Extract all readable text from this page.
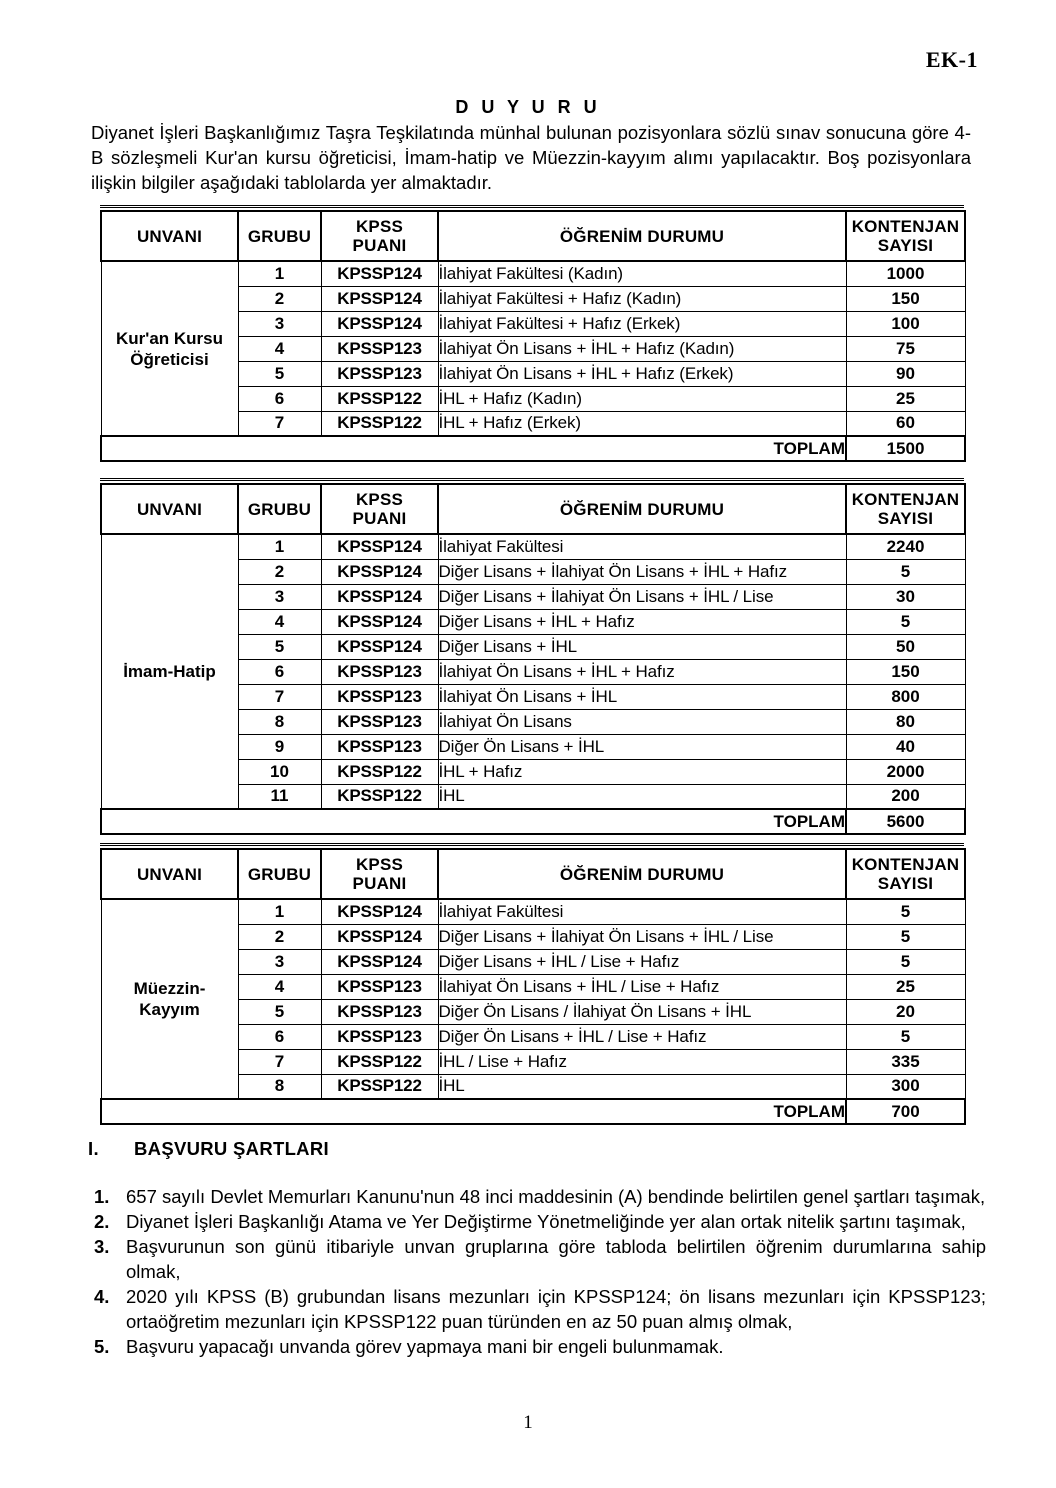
EK-1
D U Y U R U
Diyanet İşleri Başkanlığımız Taşra Teşkilatında münhal bulunan pozisyonlara sözlü sınav sonucuna göre 4-B sözleşmeli Kur'an kursu öğreticisi, İmam-hatip ve Müezzin-kayyım alımı yapılacaktır. Boş pozisyonlara ilişkin bilgiler aşağıdaki tablolarda yer almaktadır.
UNVANI	GRUBU	KPSS
PUANI	ÖĞRENİM DURUMU	KONTENJAN
SAYISI
Kur'an Kursu
Öğreticisi	1	KPSSP124	İlahiyat Fakültesi (Kadın)	1000
	2	KPSSP124	İlahiyat Fakültesi + Hafız (Kadın)	150
	3	KPSSP124	İlahiyat Fakültesi + Hafız (Erkek)	100
	4	KPSSP123	İlahiyat Ön Lisans + İHL + Hafız (Kadın)	75
	5	KPSSP123	İlahiyat Ön Lisans + İHL + Hafız (Erkek)	90
	6	KPSSP122	İHL + Hafız (Kadın)	25
	7	KPSSP122	İHL + Hafız (Erkek)	60
TOPLAM				1500
UNVANI	GRUBU	KPSS
PUANI	ÖĞRENİM DURUMU	KONTENJAN
SAYISI
İmam-Hatip	1	KPSSP124	İlahiyat Fakültesi	2240
	2	KPSSP124	Diğer Lisans + İlahiyat Ön Lisans + İHL + Hafız	5
	3	KPSSP124	Diğer Lisans + İlahiyat Ön Lisans + İHL / Lise	30
	4	KPSSP124	Diğer Lisans + İHL + Hafız	5
	5	KPSSP124	Diğer Lisans + İHL	50
	6	KPSSP123	İlahiyat Ön Lisans + İHL + Hafız	150
	7	KPSSP123	İlahiyat Ön Lisans + İHL	800
	8	KPSSP123	İlahiyat Ön Lisans	80
	9	KPSSP123	Diğer Ön Lisans + İHL	40
	10	KPSSP122	İHL + Hafız	2000
	11	KPSSP122	İHL	200
TOPLAM				5600
UNVANI	GRUBU	KPSS
PUANI	ÖĞRENİM DURUMU	KONTENJAN
SAYISI
Müezzin-
Kayyım	1	KPSSP124	İlahiyat Fakültesi	5
	2	KPSSP124	Diğer Lisans + İlahiyat Ön Lisans + İHL / Lise	5
	3	KPSSP124	Diğer Lisans + İHL / Lise + Hafız	5
	4	KPSSP123	İlahiyat Ön Lisans + İHL / Lise + Hafız	25
	5	KPSSP123	Diğer Ön Lisans / İlahiyat Ön Lisans + İHL	20
	6	KPSSP123	Diğer Ön Lisans + İHL / Lise + Hafız	5
	7	KPSSP122	İHL / Lise + Hafız	335
	8	KPSSP122	İHL	300
TOPLAM				700
I. BAŞVURU ŞARTLARI
1. 657 sayılı Devlet Memurları Kanunu'nun 48 inci maddesinin (A) bendinde belirtilen genel şartları taşımak,
2. Diyanet İşleri Başkanlığı Atama ve Yer Değiştirme Yönetmeliğinde yer alan ortak nitelik şartını taşımak,
3. Başvurunun son günü itibariyle unvan gruplarına göre tabloda belirtilen öğrenim durumlarına sahip olmak,
4. 2020 yılı KPSS (B) grubundan lisans mezunları için KPSSP124; ön lisans mezunları için KPSSP123; ortaöğretim mezunları için KPSSP122 puan türünden en az 50 puan almış olmak,
5. Başvuru yapacağı unvanda görev yapmaya mani bir engeli bulunmamak.
1
